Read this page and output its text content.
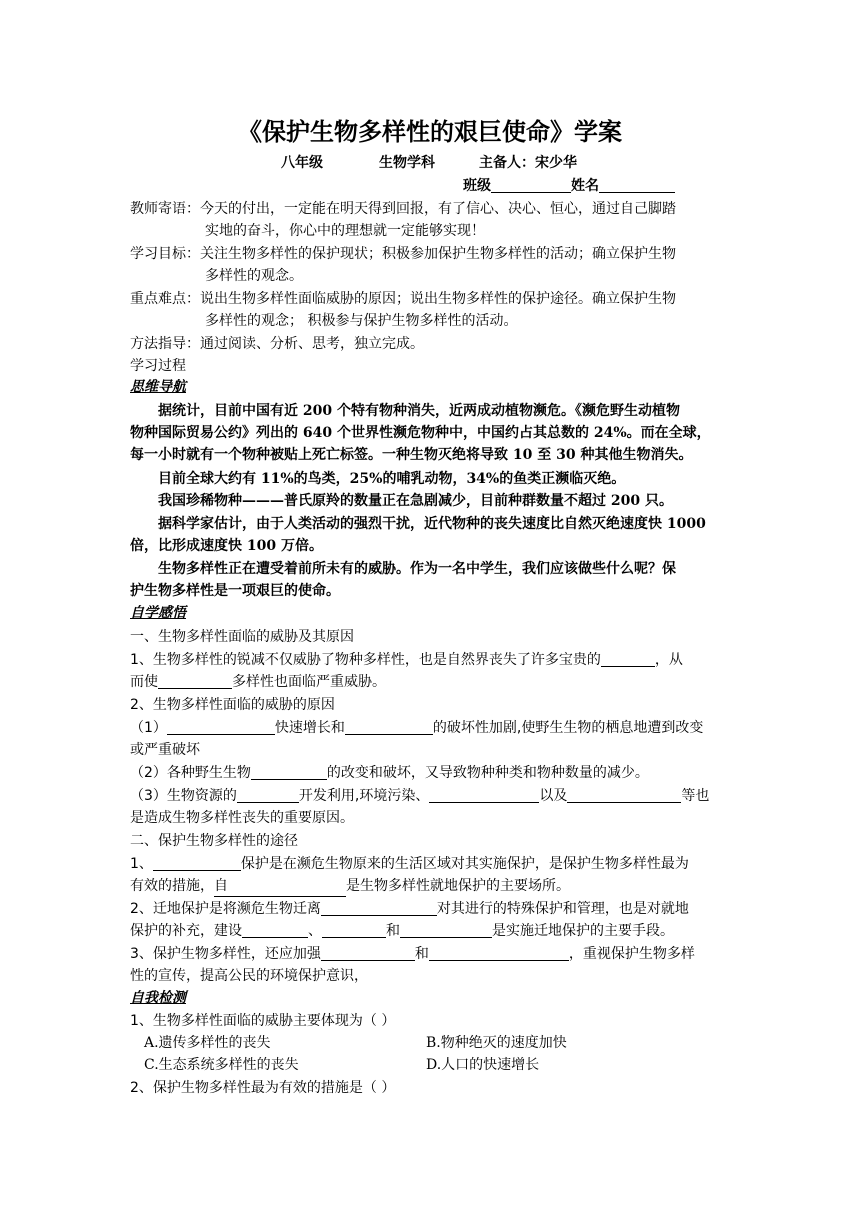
《保护生物多样性的艰巨使命》学案
八年级	生物学科	主备人：宋少华
班级	姓名
教师寄语：今天的付出，一定能在明天得到回报，有了信心、决心、恒心，通过自己脚踏
实地的奋斗，你心中的理想就一定能够实现！
学习目标：关注生物多样性的保护现状；积极参加保护生物多样性的活动；确立保护生物
多样性的观念。
重点难点：说出生物多样性面临威胁的原因；说出生物多样性的保护途径。确立保护生物
多样性的观念； 积极参与保护生物多样性的活动。
方法指导：通过阅读、分析、思考，独立完成。
学习过程
思维导航
据统计，目前中国有近 200 个特有物种消失，近两成动植物濒危。《濒危野生动植物
物种国际贸易公约》列出的 640 个世界性濒危物种中，中国约占其总数的 24%。而在全球，
每一小时就有一个物种被贴上死亡标签。一种生物灭绝将导致 10 至 30 种其他生物消失。
目前全球大约有 11%的鸟类，25%的哺乳动物，34%的鱼类正濒临灭绝。
我国珍稀物种———普氏原羚的数量正在急剧减少，目前种群数量不超过 200 只。
据科学家估计，由于人类活动的强烈干扰，近代物种的丧失速度比自然灭绝速度快 1000
倍，比形成速度快 100 万倍。
生物多样性正在遭受着前所未有的威胁。作为一名中学生，我们应该做些什么呢？保
护生物多样性是一项艰巨的使命。
自学感悟
一、生物多样性面临的威胁及其原因
1、生物多样性的锐减不仅威胁了物种多样性，也是自然界丧失了许多宝贵的	，从
而使	多样性也面临严重威胁。
2、生物多样性面临的威胁的原因
（1）	快速增长和	的破坏性加剧,使野生生物的栖息地遭到改变
或严重破坏
（2）各种野生生物	的改变和破坏，又导致物种种类和物种数量的减少。
（3）生物资源的	开发利用,环境污染、	以及	等也
是造成生物多样性丧失的重要原因。
二、保护生物多样性的途径
1、	保护是在濒危生物原来的生活区域对其实施保护，是保护生物多样性最为
有效的措施，自	是生物多样性就地保护的主要场所。
2、迁地保护是将濒危生物迁离	对其进行的特殊保护和管理，也是对就地
保护的补充，建设	、	和	是实施迁地保护的主要手段。
3、保护生物多样性，还应加强	和	，重视保护生物多样
性的宣传，提高公民的环境保护意识，
自我检测
1、生物多样性面临的威胁主要体现为（ ）
A.遗传多样性的丧失	B.物种绝灭的速度加快
C.生态系统多样性的丧失	D.人口的快速增长
2、保护生物多样性最为有效的措施是（ ）
